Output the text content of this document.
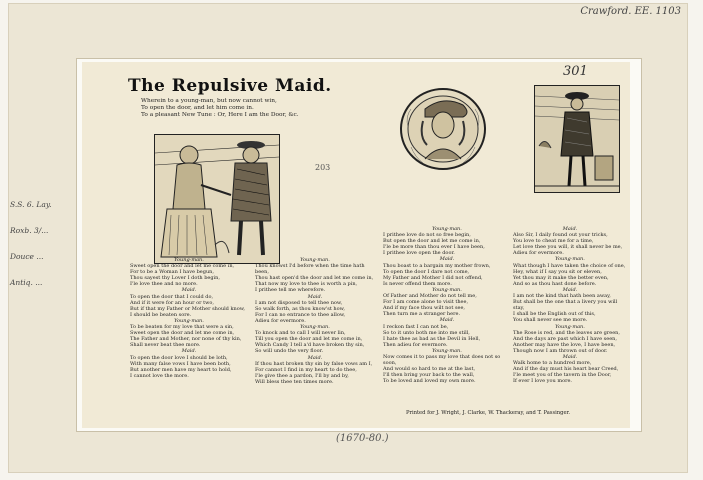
Crawford. EE. 1103
S.S. 6. Lay.
Roxb. 3/...
Douce ...
Antiq. ...
301
The Repulsive Maid.
Wherein to a young-man, but now cannot win,
To open the door, and let him come in.
To a pleasant New Tune : Or, Here I am the Door, &c.
203
Young-man.
Sweet open the door and let me come in,
For to be a Woman I have begun,
Thou sayest thy Lover I doth begin,
I'le love thee and no more.
Maid.
To open the door that I could do,
And if it were for an hour or two,
But if that my Father or Mother should know,
I should be beaten sore.
Young-man.
To be beaten for my love that were a sin,
Sweet open the door and let me come in,
The Father and Mother, nor none of thy kin,
Shall never beat thee more.
Maid.
To open the door love I should be loth,
With many false vows I have been both,
But another men have my heart to hold,
I cannot love the more.
Young-man.
Thou knowst I'd before when the time hath been,
Thou hast open'd the door and let me come in,
That now my love to thee is worth a pin,
I prithee tell me wherefore.
Maid.
I am not disposed to tell thee now,
So walk forth, as thou know'st how,
For I can no entrance to thee allow,
Adieu for evermore.
Young-man.
To knock and to call I will never lin,
Till you open the door and let me come in,
Which Candy I tell a'd have broken thy sin,
So will undo the very floor.
Maid.
If thou hast broken thy sin by false vows am I,
For cannot I find in my heart to do thee,
I'le give thee a pardon, I'll by and by,
Will bless thee ten times more.
Young-man.
I prithee love do not so free begin,
But open the door and let me come in,
I'le be more than thou ever I have been,
I prithee love open the door.
Maid.
Thou boast to a bargain my mother frown,
To open the door I dare not come,
My Father and Mother I did not offend,
Is never offend them more.
Young-man.
Of Father and Mother do not tell me,
For I am come alone to visit thee,
And if my face thou wilt not see,
Then turn me a stranger here.
Maid.
I reckon fast I can not be,
So to it unto both me into me still,
I hate thee as bad as the Devil in Hell,
Then adieu for evermore.
Young-man.
Now comes it to pass my love that does not so soon,
And would so hard to me at the last,
I'll then bring your back to the wall,
To be loved and loved my own more.
Maid.
Also Sir, I daily found out your tricks,
You love to cheat me for a time,
Let love thee you will, it shall never be me,
Adieu for evermore.
Young-man.
What though I have taken the choice of one,
Hey, what if I say you sit or eleven,
Yet thou may it make the better even,
And so as thou hast done before.
Maid.
I am not the kind that hath been away,
But shall be the one that a livery you will stay,
I shall be the English out of this,
You shall never see me more.
Young-man.
The Rose is red, and the leaves are green,
And the days are past which I have seen,
Another may have the love, I have been,
Though now I am thrown out of door.
Maid.
Walk home to a hundred more,
And if the day must his heart bear Creed,
I'le meet you of the tavern in the Door,
If ever I love you more.
Printed for J. Wright, J. Clarke, W. Thackeray, and T. Passinger.
(1670-80.)
